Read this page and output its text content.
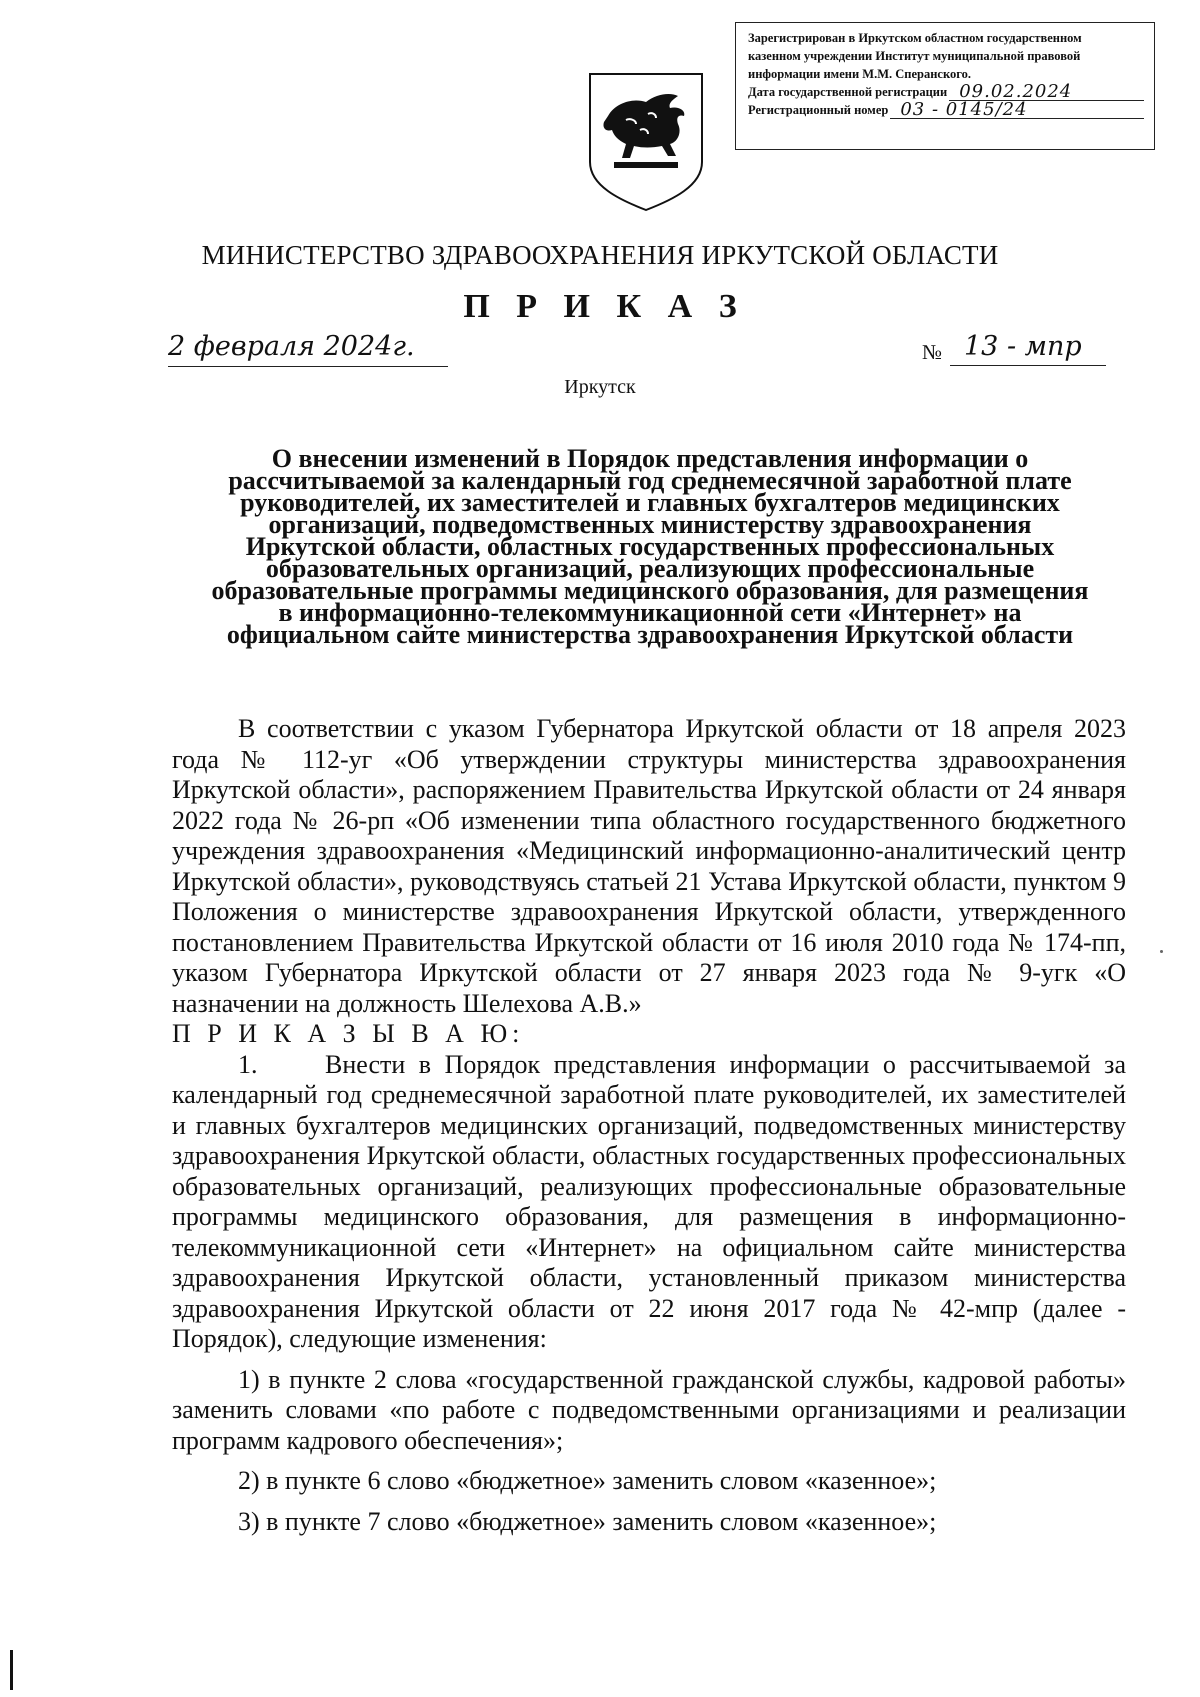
Зарегистрирован в Иркутском областном государственном
казенном учреждении Институт муниципальной правовой
информации имени М.М. Сперанского.
Дата государственной регистрации 09.02.2024
Регистрационный номер 03 - 0145/24
МИНИСТЕРСТВО ЗДРАВООХРАНЕНИЯ ИРКУТСКОЙ ОБЛАСТИ
П Р И К А З
2 февраля 2024г.	№ 13 - мпр
Иркутск
О внесении изменений в Порядок представления информации о
рассчитываемой за календарный год среднемесячной заработной плате
руководителей, их заместителей и главных бухгалтеров медицинских
организаций, подведомственных министерству здравоохранения
Иркутской области, областных государственных профессиональных
образовательных организаций, реализующих профессиональные
образовательные программы медицинского образования, для размещения
в информационно-телекоммуникационной сети «Интернет» на
официальном сайте министерства здравоохранения Иркутской области

В соответствии с указом Губернатора Иркутской области от 18 апреля 2023 года № 112-уг «Об утверждении структуры министерства здравоохранения Иркутской области», распоряжением Правительства Иркутской области от 24 января 2022 года № 26-рп «Об изменении типа областного государственного бюджетного учреждения здравоохранения «Медицинский информационно-аналитический центр Иркутской области», руководствуясь статьей 21 Устава Иркутской области, пунктом 9 Положения о министерстве здравоохранения Иркутской области, утвержденного постановлением Правительства Иркутской области от 16 июля 2010 года № 174-пп, указом Губернатора Иркутской области от 27 января 2023 года № 9-угк «О назначении на должность Шелехова А.В.»

П Р И К А З Ы В А Ю:

1.     Внести в Порядок представления информации о рассчитываемой за календарный год среднемесячной заработной плате руководителей, их заместителей и главных бухгалтеров медицинских организаций, подведомственных министерству здравоохранения Иркутской области, областных государственных профессиональных образовательных организаций, реализующих профессиональные образовательные программы медицинского образования, для размещения в информационно-телекоммуникационной сети «Интернет» на официальном сайте министерства здравоохранения Иркутской области, установленный приказом министерства здравоохранения Иркутской области от 22 июня 2017 года № 42-мпр (далее - Порядок), следующие изменения:

1) в пункте 2 слова «государственной гражданской службы, кадровой работы» заменить словами «по работе с подведомственными организациями и реализации программ кадрового обеспечения»;

2) в пункте 6 слово «бюджетное» заменить словом «казенное»;

3) в пункте 7 слово «бюджетное» заменить словом «казенное»;
